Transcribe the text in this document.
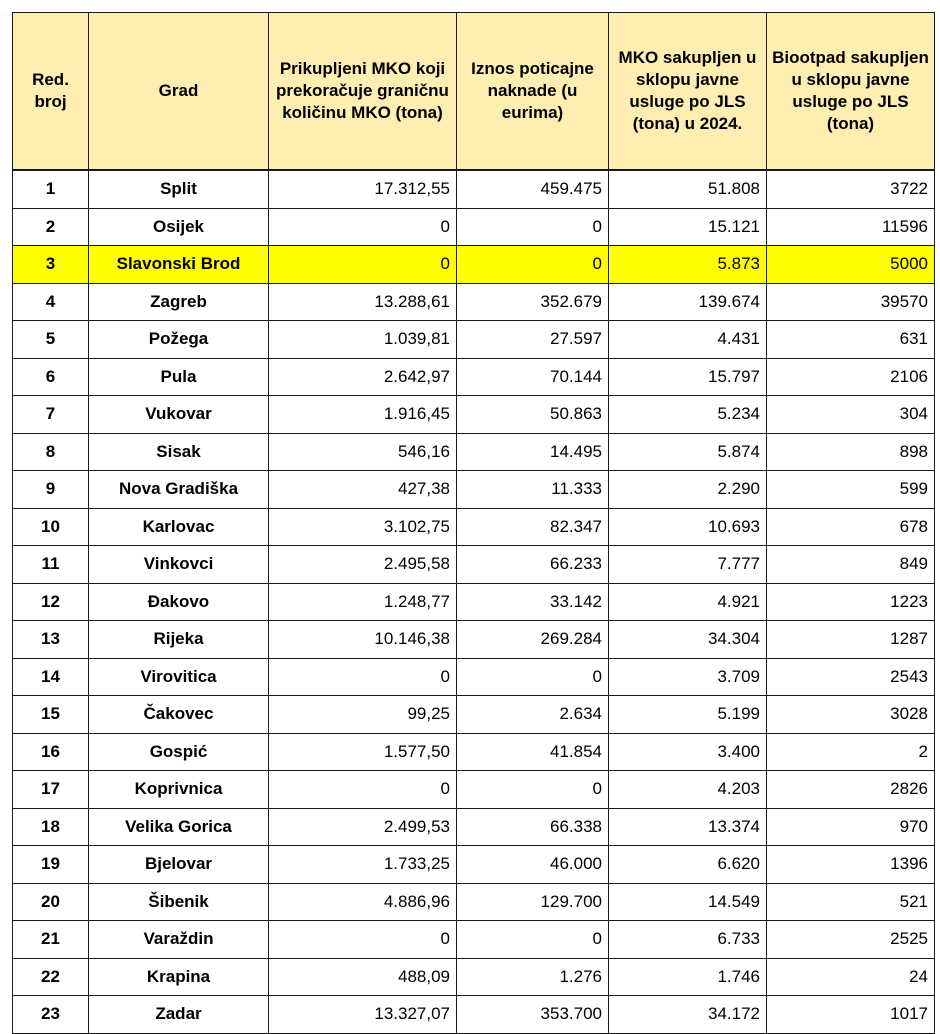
Red. broj	Grad	Prikupljeni MKO koji prekoračuje graničnu količinu MKO (tona)	Iznos poticajne naknade (u eurima)	MKO sakupljen u sklopu javne usluge po JLS (tona) u 2024.	Biootpad sakupljen u sklopu javne usluge po JLS (tona)
1	Split	17.312,55	459.475	51.808	3722
2	Osijek	0	0	15.121	11596
3	Slavonski Brod	0	0	5.873	5000
4	Zagreb	13.288,61	352.679	139.674	39570
5	Požega	1.039,81	27.597	4.431	631
6	Pula	2.642,97	70.144	15.797	2106
7	Vukovar	1.916,45	50.863	5.234	304
8	Sisak	546,16	14.495	5.874	898
9	Nova Gradiška	427,38	11.333	2.290	599
10	Karlovac	3.102,75	82.347	10.693	678
11	Vinkovci	2.495,58	66.233	7.777	849
12	Đakovo	1.248,77	33.142	4.921	1223
13	Rijeka	10.146,38	269.284	34.304	1287
14	Virovitica	0	0	3.709	2543
15	Čakovec	99,25	2.634	5.199	3028
16	Gospić	1.577,50	41.854	3.400	2
17	Koprivnica	0	0	4.203	2826
18	Velika Gorica	2.499,53	66.338	13.374	970
19	Bjelovar	1.733,25	46.000	6.620	1396
20	Šibenik	4.886,96	129.700	14.549	521
21	Varaždin	0	0	6.733	2525
22	Krapina	488,09	1.276	1.746	24
23	Zadar	13.327,07	353.700	34.172	1017
